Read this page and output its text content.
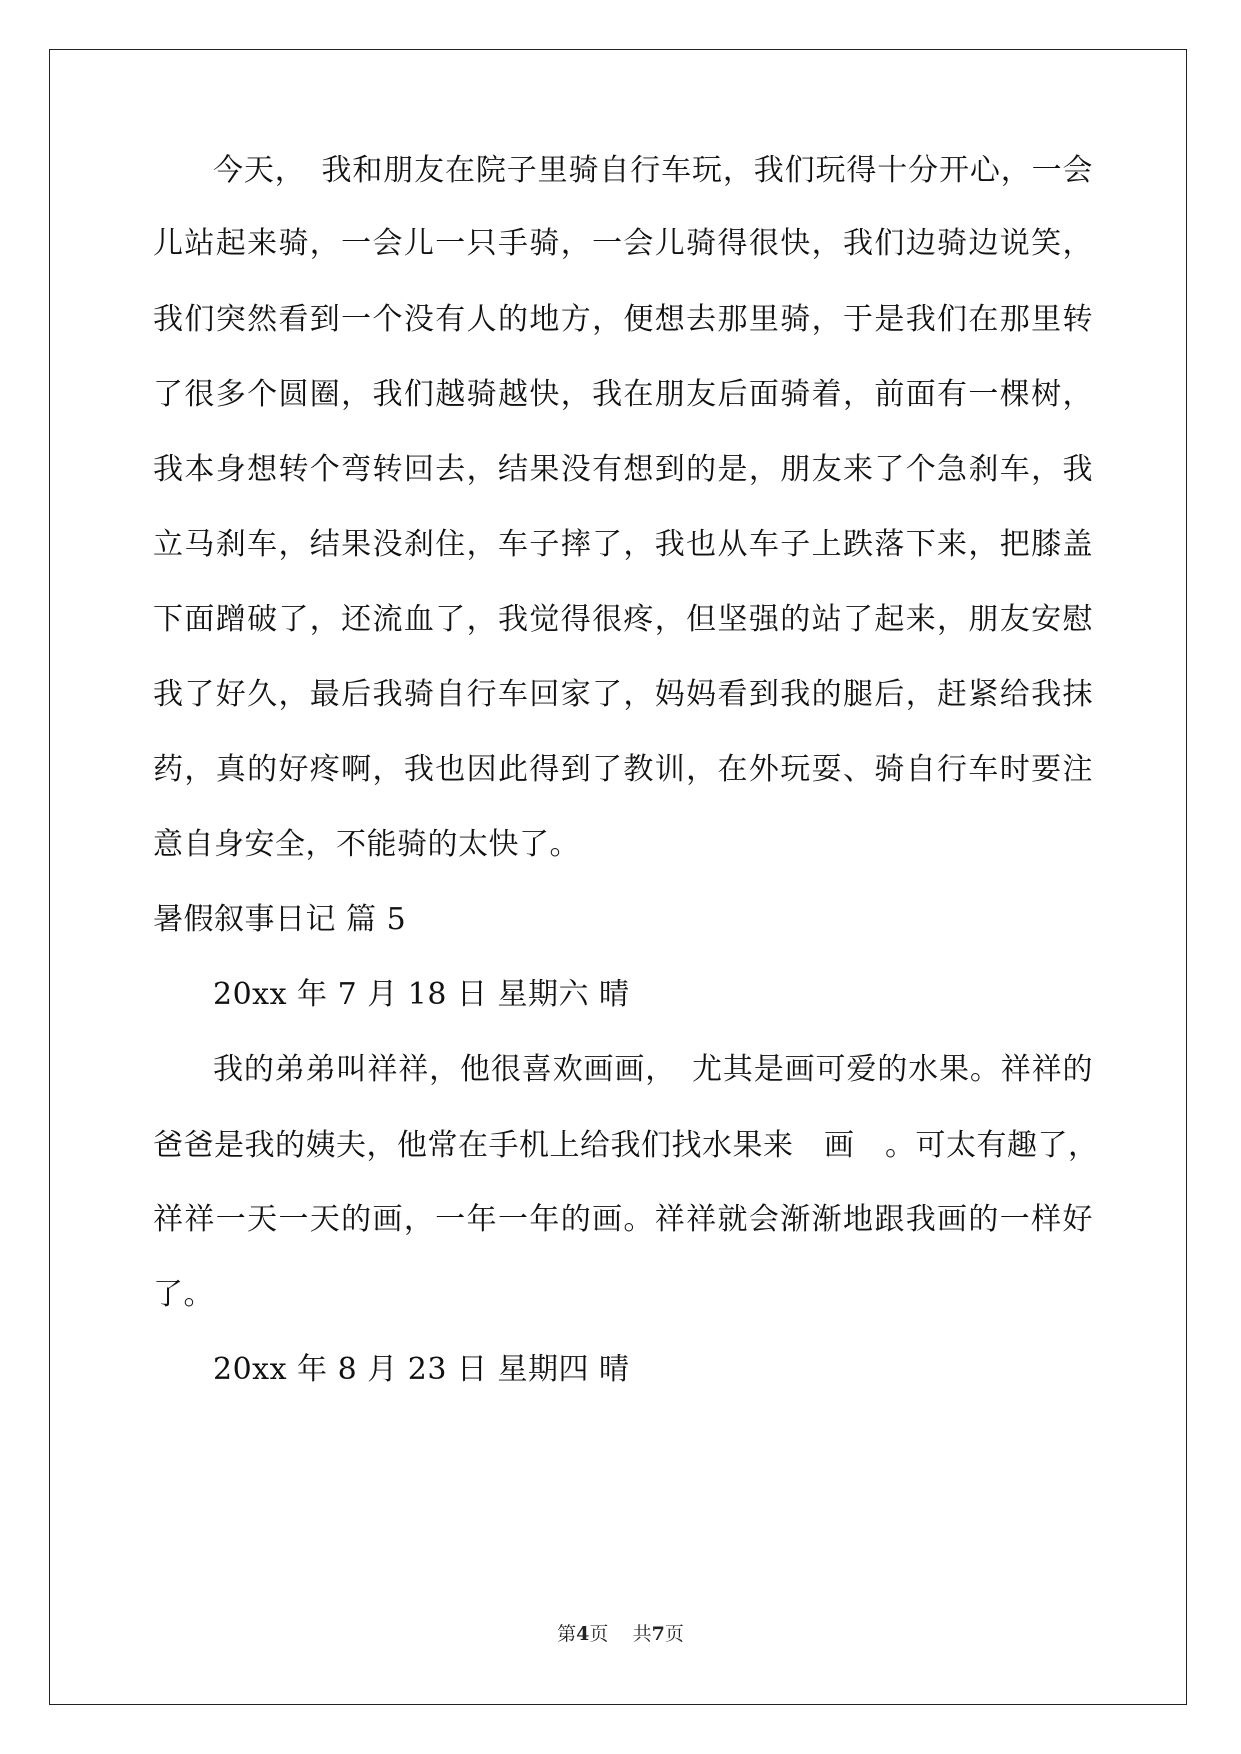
今天，　我和朋友在院子里骑自行车玩，我们玩得十分开心，一会
儿站起来骑，一会儿一只手骑，一会儿骑得很快，我们边骑边说笑，
我们突然看到一个没有人的地方，便想去那里骑，于是我们在那里转
了很多个圆圈，我们越骑越快，我在朋友后面骑着，前面有一棵树，
我本身想转个弯转回去，结果没有想到的是，朋友来了个急刹车，我
立马刹车，结果没刹住，车子摔了，我也从车子上跌落下来，把膝盖
下面蹭破了，还流血了，我觉得很疼，但坚强的站了起来，朋友安慰
我了好久，最后我骑自行车回家了，妈妈看到我的腿后，赶紧给我抹
药，真的好疼啊，我也因此得到了教训，在外玩耍、骑自行车时要注
意自身安全，不能骑的太快了。
暑假叙事日记 篇 5
20xx 年 7 月 18 日 星期六 晴
我的弟弟叫祥祥，他很喜欢画画，　尤其是画可爱的水果。祥祥的
爸爸是我的姨夫，他常在手机上给我们找水果来　画　。可太有趣了，
祥祥一天一天的画，一年一年的画。祥祥就会渐渐地跟我画的一样好
了。
20xx 年 8 月 23 日 星期四 晴
第4页 共7页
